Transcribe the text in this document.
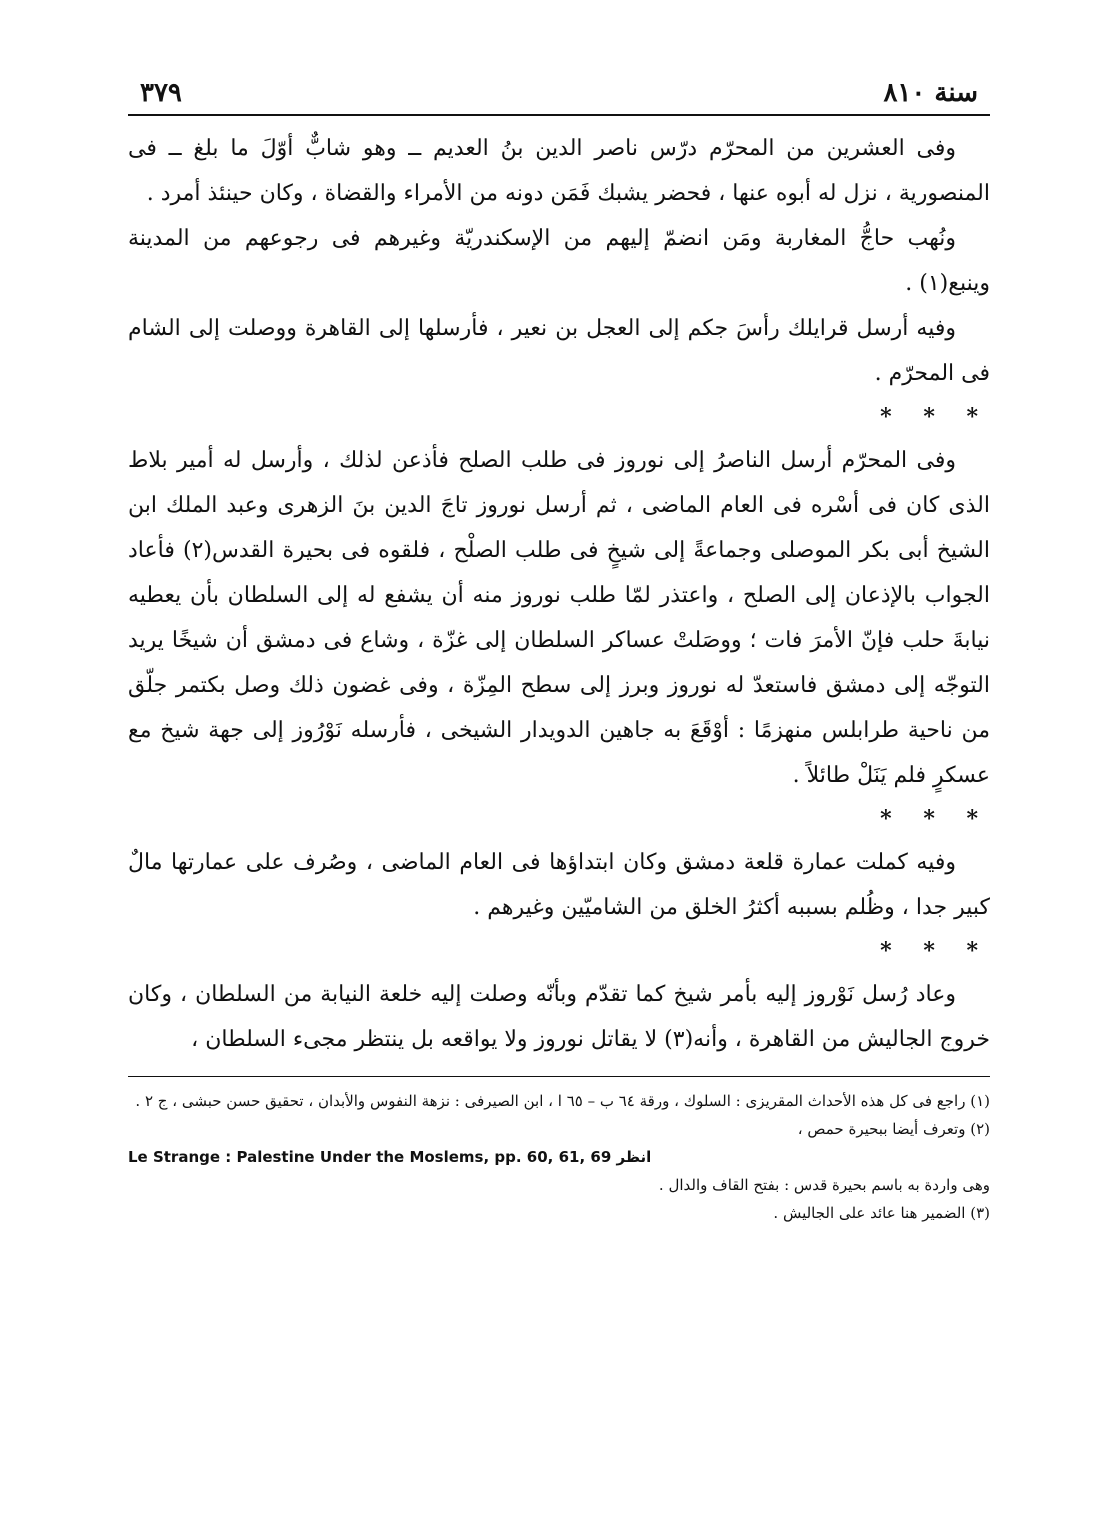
سنة ٨١٠
٣٧٩

وفى العشرين من المحرّم درّس ناصر الدين بنُ العديم ــ وهو شابٌّ أوّلَ ما بلغ ــ فى المنصورية ، نزل له أبوه عنها ، فحضر يشبك فَمَن دونه من الأمراء والقضاة ، وكان حينئذ أمرد .

ونُهب حاجُّ المغاربة ومَن انضمّ إليهم من الإسكندريّة وغيرهم فى رجوعهم من المدينة وينبع(١) .

وفيه أرسل قرايلك رأسَ جكم إلى العجل بن نعير ، فأرسلها إلى القاهرة ووصلت إلى الشام فى المحرّم .

* * *

وفى المحرّم أرسل الناصرُ إلى نوروز فى طلب الصلح فأذعن لذلك ، وأرسل له أمير بلاط الذى كان فى أسْره فى العام الماضى ، ثم أرسل نوروز تاجَ الدين بنَ الزهرى وعبد الملك ابن الشيخ أبى بكر الموصلى وجماعةً إلى شيخٍ فى طلب الصلْح ، فلقوه فى بحيرة القدس(٢) فأعاد الجواب بالإذعان إلى الصلح ، واعتذر لمّا طلب نوروز منه أن يشفع له إلى السلطان بأن يعطيه نيابةَ حلب فإنّ الأمرَ فات ؛ ووصَلتْ عساكر السلطان إلى غزّة ، وشاع فى دمشق أن شيخًا يريد التوجّه إلى دمشق فاستعدّ له نوروز وبرز إلى سطح المِزّة ، وفى غضون ذلك وصل بكتمر جلّق من ناحية طرابلس منهزمًا : أوْقَعَ به جاهين الدويدار الشيخى ، فأرسله نَوْرُوز إلى جهة شيخ مع عسكرٍ فلم يَنَلْ طائلاً .

* * *

وفيه كملت عمارة قلعة دمشق وكان ابتداؤها فى العام الماضى ، وصُرف على عمارتها مالٌ كبير جدا ، وظُلم بسببه أكثرُ الخلق من الشاميّين وغيرهم .

* * *

وعاد رُسل نَوْروز إليه بأمر شيخ كما تقدّم وبأنّه وصلت إليه خلعة النيابة من السلطان ، وكان خروج الجاليش من القاهرة ، وأنه(٣) لا يقاتل نوروز ولا يواقعه بل ينتظر مجىء السلطان ،

(١) راجع فى كل هذه الأحداث المقريزى : السلوك ، ورقة ٦٤ ب – ٦٥ ا ، ابن الصيرفى : نزهة النفوس والأبدان ، تحقيق حسن حبشى ، ج ٢ .

(٢) وتعرف أيضا ببحيرة حمص ،

Le Strange : Palestine Under the Moslems, pp. 60, 61, 69 انظر

وهى واردة به باسم بحيرة قدس : بفتح القاف والدال .

(٣) الضمير هنا عائد على الجاليش .
